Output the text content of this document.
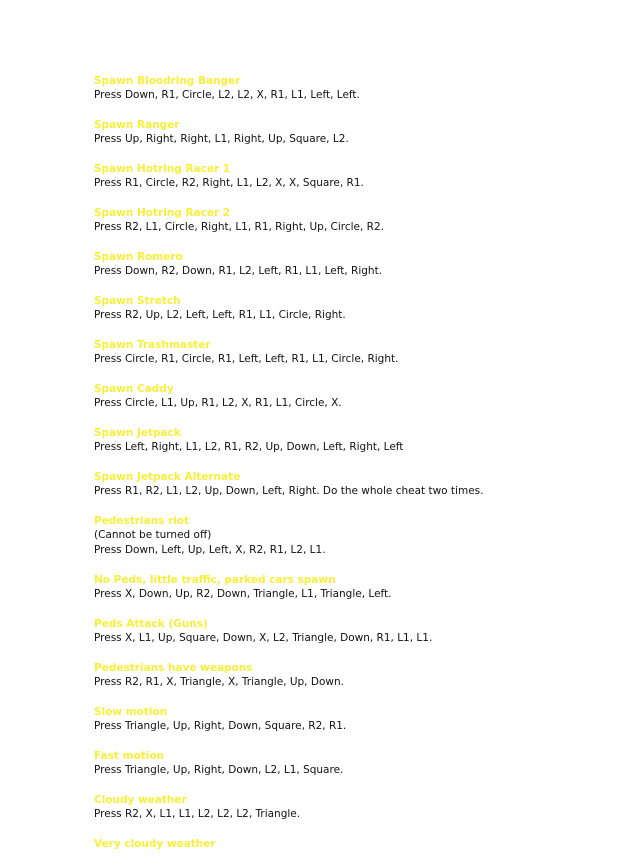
Spawn Bloodring Banger
Press Down, R1, Circle, L2, L2, X, R1, L1, Left, Left.
Spawn Ranger
Press Up, Right, Right, L1, Right, Up, Square, L2.
Spawn Hotring Racer 1
Press R1, Circle, R2, Right, L1, L2, X, X, Square, R1.
Spawn Hotring Racer 2
Press R2, L1, Circle, Right, L1, R1, Right, Up, Circle, R2.
Spawn Romero
Press Down, R2, Down, R1, L2, Left, R1, L1, Left, Right.
Spawn Stretch
Press R2, Up, L2, Left, Left, R1, L1, Circle, Right.
Spawn Trashmaster
Press Circle, R1, Circle, R1, Left, Left, R1, L1, Circle, Right.
Spawn Caddy
Press Circle, L1, Up, R1, L2, X, R1, L1, Circle, X.
Spawn Jetpack
Press Left, Right, L1, L2, R1, R2, Up, Down, Left, Right, Left
Spawn Jetpack Alternate
Press R1, R2, L1, L2, Up, Down, Left, Right. Do the whole cheat two times.
Pedestrians riot
(Cannot be turned off)
Press Down, Left, Up, Left, X, R2, R1, L2, L1.
No Peds, little traffic, parked cars spawn
Press X, Down, Up, R2, Down, Triangle, L1, Triangle, Left.
Peds Attack (Guns)
Press X, L1, Up, Square, Down, X, L2, Triangle, Down, R1, L1, L1.
Pedestrians have weapons
Press R2, R1, X, Triangle, X, Triangle, Up, Down.
Slow motion
Press Triangle, Up, Right, Down, Square, R2, R1.
Fast motion
Press Triangle, Up, Right, Down, L2, L1, Square.
Cloudy weather
Press R2, X, L1, L1, L2, L2, L2, Triangle.
Very cloudy weather
